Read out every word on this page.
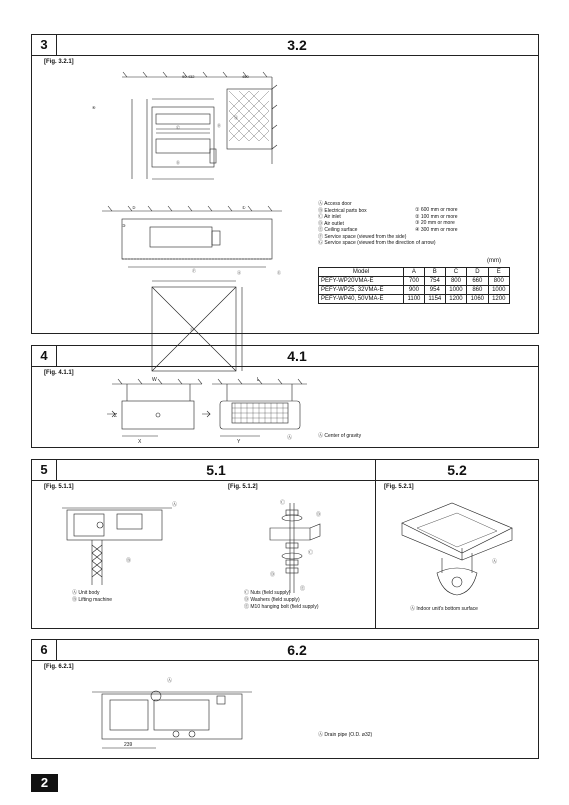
3	3.2
[Fig. 3.2.1]
Ⓐ
Ⓒ
Ⓓ
Ⓑ
④
②	①
③
Ⓕ	Ⓐ	Ⓔ
Ⓖ
90-432	450
Ⓐ Access door
Ⓑ Electrical parts box
Ⓒ Air inlet
Ⓓ Air outlet
Ⓔ Ceiling surface
Ⓕ Service space (viewed from the side)
Ⓖ Service space (viewed from the direction of arrow)
① 600 mm or more
② 100 mm or more
③ 20 mm or more
④ 300 mm or more
(mm)
Model	A	B	C	D	E
PEFY-WP20VMA-E	700	754	800	660	800
PEFY-WP25, 32VMA-E	900	954	1000	860	1000
PEFY-WP40, 50VMA-E	1100	1154	1200	1060	1200
4	4.1
[Fig. 4.1.1]
W	L
Z
X	Y
Ⓐ	Ⓐ Center of gravity
5	5.1	5.2
[Fig. 5.1.1]	[Fig. 5.1.2]	[Fig. 5.2.1]
Ⓐ
Ⓑ
Ⓐ Unit body
Ⓑ Lifting machine
Ⓒ
Ⓓ
Ⓒ
Ⓓ
Ⓔ
Ⓒ Nuts (field supply)
Ⓓ Washers (field supply)
Ⓔ M10 hanging bolt (field supply)
Ⓐ
Ⓐ Indoor unit's bottom surface
6	6.2
[Fig. 6.2.1]
Ⓐ
239
Ⓐ Drain pipe (O.D. ø32)
2
